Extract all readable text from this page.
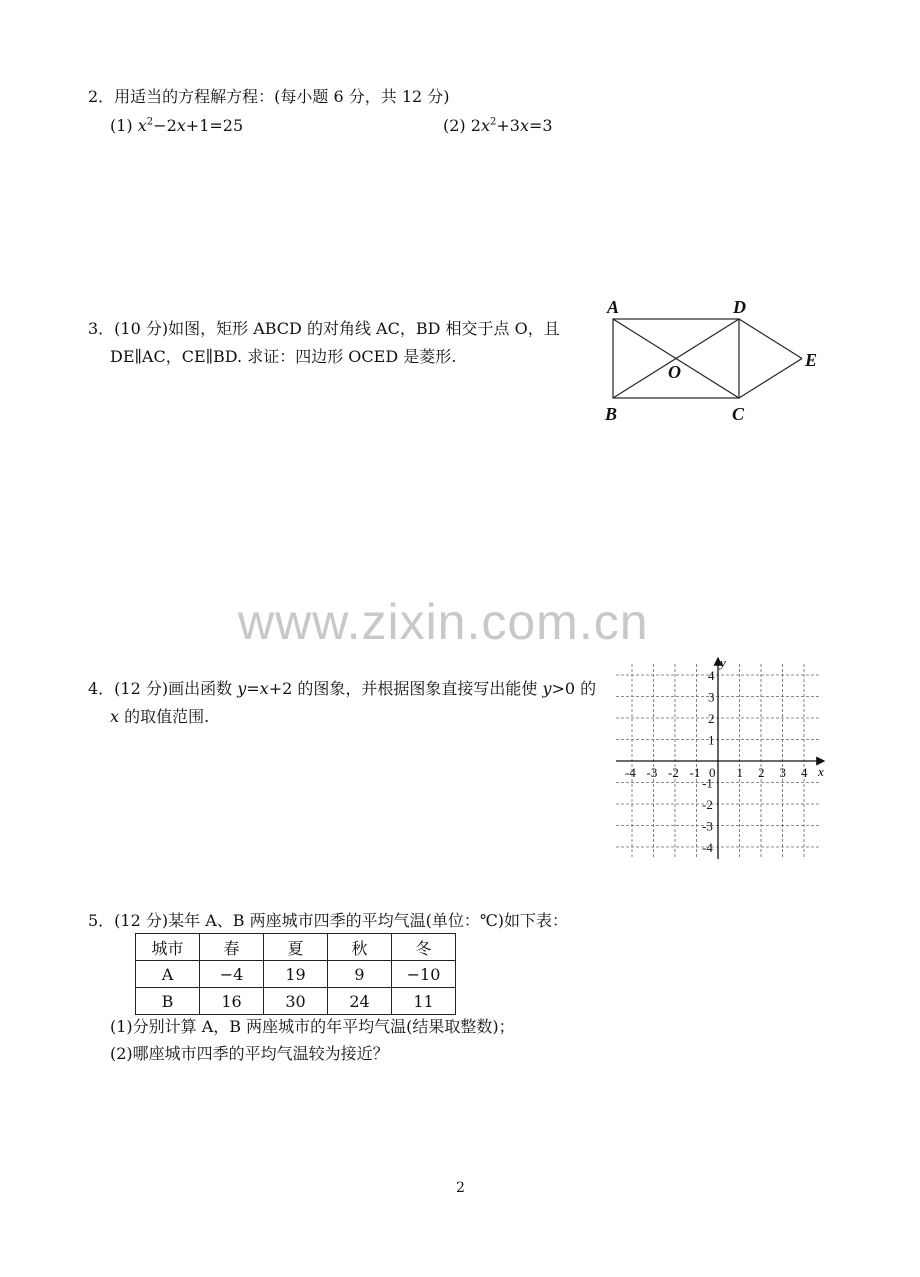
2．用适当的方程解方程：(每小题 6 分，共 12 分)
(1) $x^2-2x+1=25$	(2) $2x^2+3x=3$
3．(10 分)如图，矩形 ABCD 的对角线 AC，BD 相交于点 O，且
DE∥AC，CE∥BD. 求证：四边形 OCED 是菱形.
A	D
E
O
B	C
www.zixin.com.cn
4．(12 分)画出函数 y=x+2 的图象，并根据图象直接写出能使 y>0 的
x 的取值范围.
x
y
-4 -3 -2 -1 0 1 2 3 4
4
3
2
1
-1
-2
-3
-4
5．(12 分)某年 A、B 两座城市四季的平均气温(单位：℃)如下表：
城市	春	夏	秋	冬
A	−4	19	9	−10
B	16	30	24	11
(1)分别计算 A，B 两座城市的年平均气温(结果取整数)；
(2)哪座城市四季的平均气温较为接近？
2
